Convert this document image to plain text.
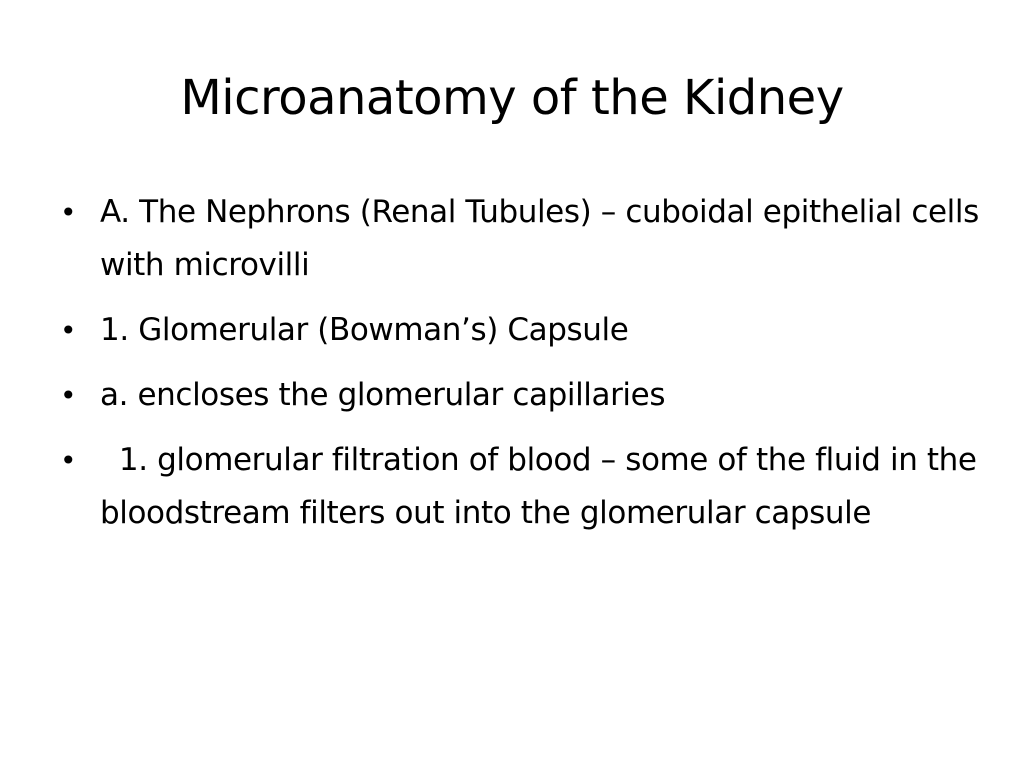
Microanatomy of the Kidney
• A. The Nephrons (Renal Tubules) – cuboidal epithelial cells with microvilli
• 1. Glomerular (Bowman’s) Capsule
• a. encloses the glomerular capillaries
• 1. glomerular filtration of blood – some of the fluid in the bloodstream filters out into the glomerular capsule
